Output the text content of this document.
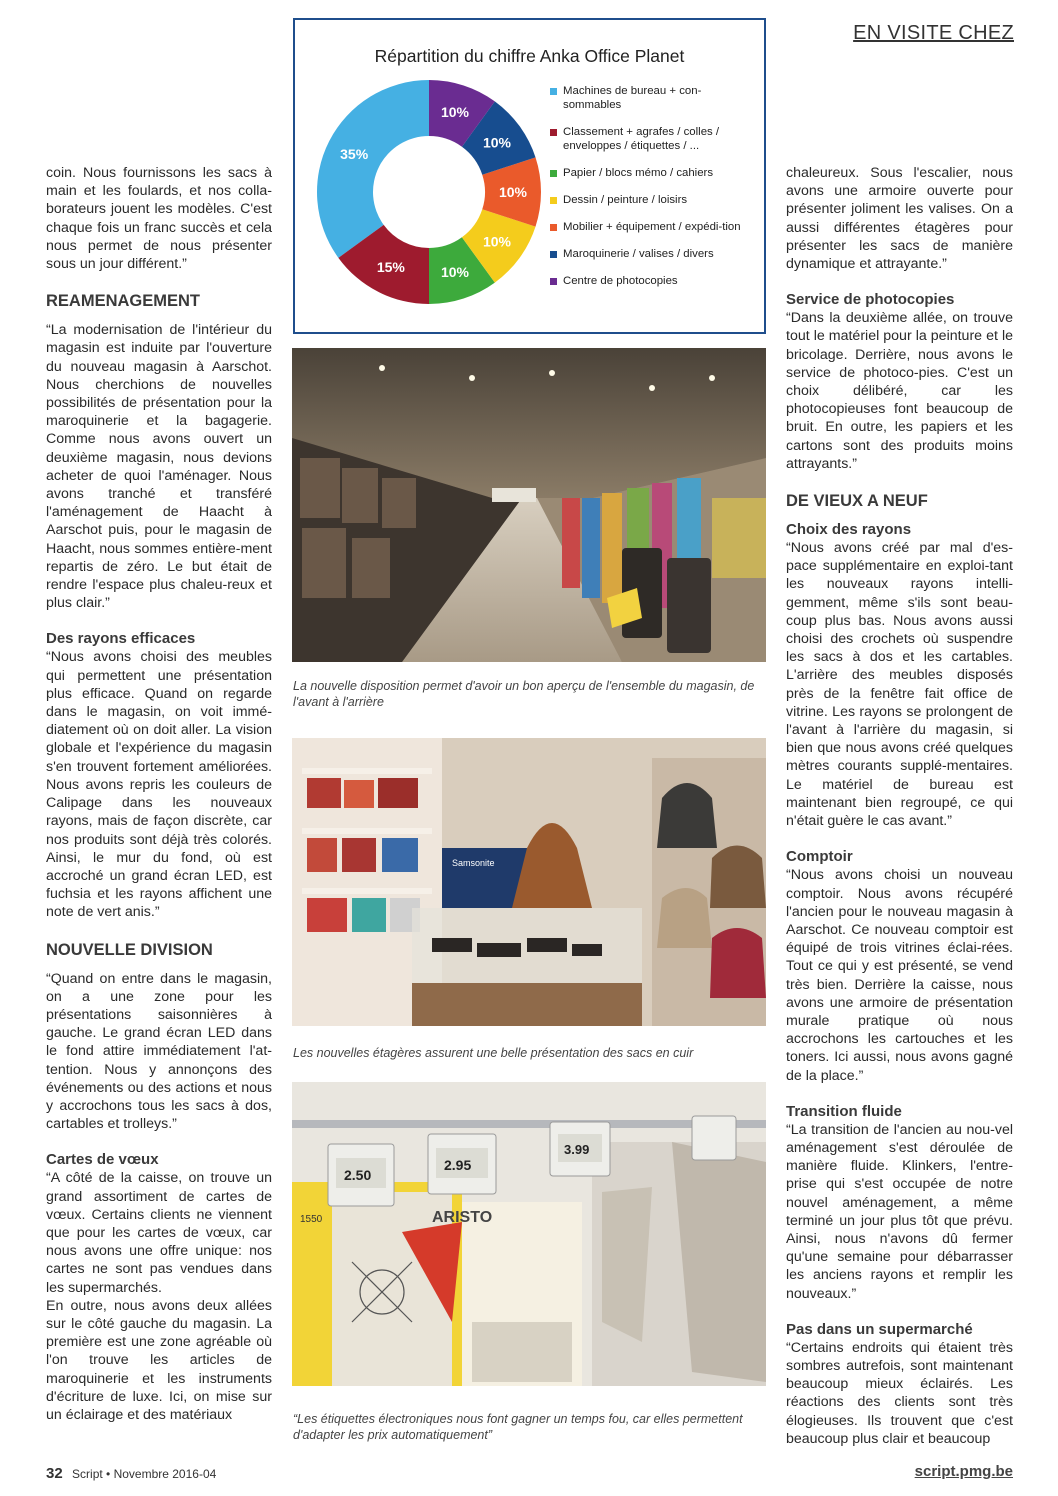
EN VISITE CHEZ

coin. Nous fournissons les sacs à main et les foulards, et nos colla-borateurs jouent les modèles. C'est chaque fois un franc succès et cela nous permet de nous présenter sous un jour différent.”

REAMENAGEMENT

“La modernisation de l'intérieur du magasin est induite par l'ouverture du nouveau magasin à Aarschot. Nous cherchions de nouvelles possibilités de présentation pour la maroquinerie et la bagagerie. Comme nous avons ouvert un deuxième magasin, nous devions acheter de quoi l'aménager. Nous avons tranché et transféré l'aménagement de Haacht à Aarschot puis, pour le magasin de Haacht, nous sommes entière-ment repartis de zéro. Le but était de rendre l'espace plus chaleu-reux et plus clair.”

Des rayons efficaces

“Nous avons choisi des meubles qui permettent une présentation plus efficace. Quand on regarde dans le magasin, on voit immé-diatement où on doit aller. La vision globale et l'expérience du magasin s'en trouvent fortement améliorées. Nous avons repris les couleurs de Calipage dans les nouveaux rayons, mais de façon discrète, car nos produits sont déjà très colorés. Ainsi, le mur du fond, où est accroché un grand écran LED, est fuchsia et les rayons affichent une note de vert anis.”

NOUVELLE DIVISION

“Quand on entre dans le magasin, on a une zone pour les présentations saisonnières à gauche. Le grand écran LED dans le fond attire immédiatement l'at-tention. Nous y annonçons des événements ou des actions et nous y accrochons tous les sacs à dos, cartables et trolleys.”

Cartes de vœux

“A côté de la caisse, on trouve un grand assortiment de cartes de vœux. Certains clients ne viennent que pour les cartes de vœux, car nous avons une offre unique: nos cartes ne sont pas vendues dans les supermarchés.

En outre, nous avons deux allées sur le côté gauche du magasin. La première est une zone agréable où l'on trouve les articles de maroquinerie et les instruments d'écriture de luxe. Ici, on mise sur un éclairage et des matériaux

chaleureux. Sous l'escalier, nous avons une armoire ouverte pour présenter joliment les valises. On a aussi différentes étagères pour présenter les sacs de manière dynamique et attrayante.”

Service de photocopies

“Dans la deuxième allée, on trouve tout le matériel pour la peinture et le bricolage. Derrière, nous avons le service de photoco-pies. C'est un choix délibéré, car les photocopieuses font beaucoup de bruit. En outre, les papiers et les cartons sont des produits moins attrayants.”

DE VIEUX A NEUF
Choix des rayons

“Nous avons créé par mal d'es-pace supplémentaire en exploi-tant les nouveaux rayons intelli-gemment, même s'ils sont beau-coup plus bas. Nous avons aussi choisi des crochets où suspendre les sacs à dos et les cartables. L'arrière des meubles disposés près de la fenêtre fait office de vitrine. Les rayons se prolongent de l'avant à l'arrière du magasin, si bien que nous avons créé quelques mètres courants supplé-mentaires. Le matériel de bureau est maintenant bien regroupé, ce qui n'était guère le cas avant.”

Comptoir

“Nous avons choisi un nouveau comptoir. Nous avons récupéré l'ancien pour le nouveau magasin à Aarschot. Ce nouveau comptoir est équipé de trois vitrines éclai-rées. Tout ce qui y est présenté, se vend très bien. Derrière la caisse, nous avons une armoire de présentation murale pratique où nous accrochons les cartouches et les toners. Ici aussi, nous avons gagné de la place.”

Transition fluide

“La transition de l'ancien au nou-vel aménagement s'est déroulée de manière fluide. Klinkers, l'entre-prise qui s'est occupée de notre nouvel aménagement, a même terminé un jour plus tôt que prévu. Ainsi, nous n'avons dû fermer qu'une semaine pour débarrasser les anciens rayons et remplir les nouveaux.”

Pas dans un supermarché

“Certains endroits qui étaient très sombres autrefois, sont maintenant beaucoup mieux éclairés. Les réactions des clients sont très élogieuses. Ils trouvent que c'est beaucoup plus clair et beaucoup

Répartition du chiffre Anka Office Planet
35%
15%	10%
10%
10%
10%
10%
Machines de bureau + con-sommables
Classement + agrafes / colles / enveloppes / étiquettes / ...
Papier / blocs mémo / cahiers
Dessin / peinture / loisirs
Mobilier + équipement / expédi-tion
Maroquinerie / valises / divers
Centre de photocopies
La nouvelle disposition permet d'avoir un bon aperçu de l'ensemble du magasin, de l'avant à l'arrière
Samsonite
Les nouvelles étagères assurent une belle présentation des sacs en cuir
2.50
2.95
3.99
ARISTO
1550
“Les étiquettes électroniques nous font gagner un temps fou, car elles permettent d'adapter les prix automatiquement”
32 Script • Novembre 2016-04	script.pmg.be
